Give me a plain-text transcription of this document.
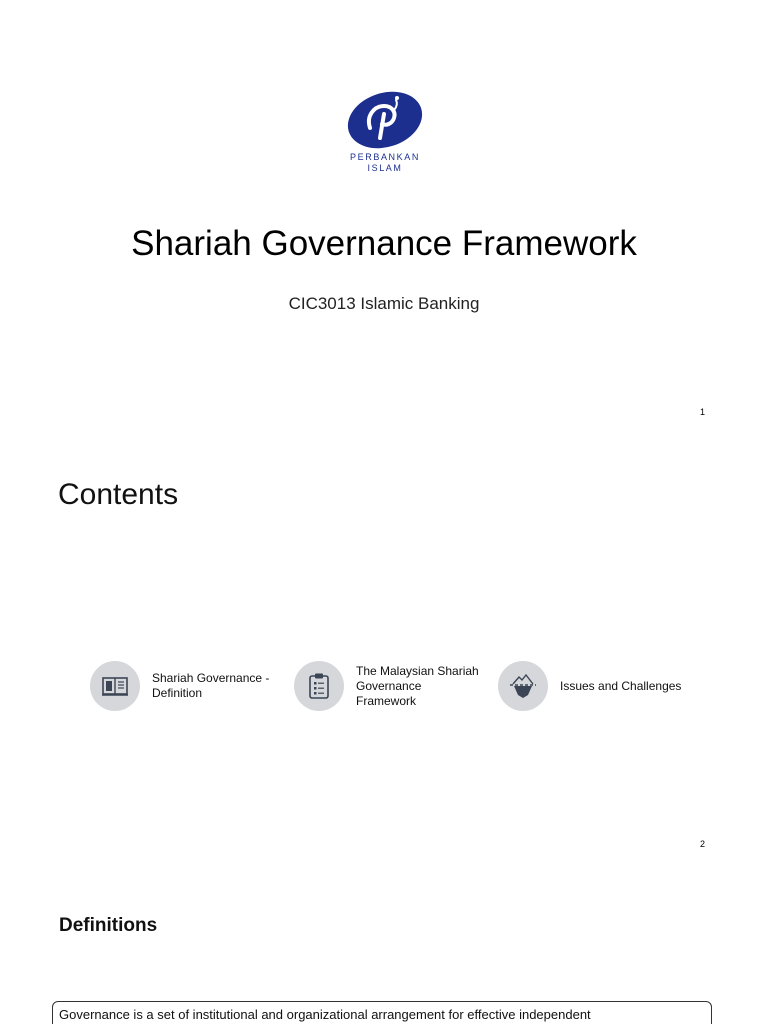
PERBANKAN
ISLAM
Shariah Governance Framework
CIC3013 Islamic Banking
1
Contents
Shariah Governance - Definition
The Malaysian Shariah Governance Framework
Issues and Challenges
2
Definitions
Governance is a set of institutional and organizational arrangement for effective independent
